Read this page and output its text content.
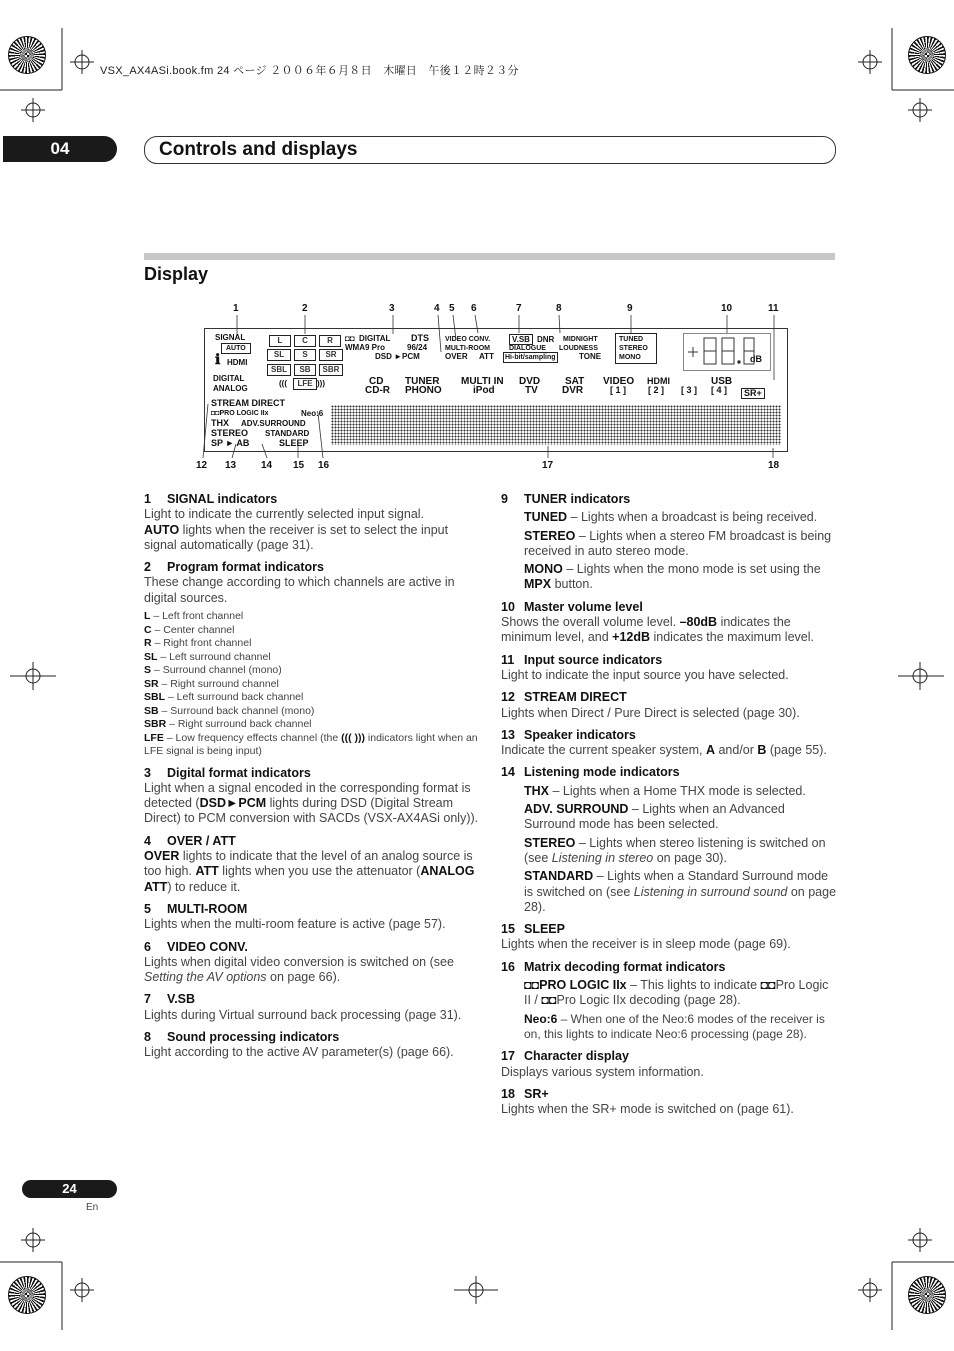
VSX_AX4ASi.book.fm 24 ページ ２００６年６月８日　木曜日　午後１２時２３分
04	Controls and displays
Display
1	2	3	4 5 6	7	8	9	10	11
12 13 14 15 16	17	18
SIGNAL
AUTO
ℹ HDMI
DIGITAL
ANALOG
L	C	R
SL	S	SR
SBL	SB	SBR
(((	LFE )))
◘◘ DIGITAL DTS
WMA9 Pro	96/24
DSD ►PCM
VIDEO CONV.	V.SB
MULTI-ROOM
OVER ATT
DNR MIDNIGHT
DIALOGUE LOUDNESS
Hi-bit/sampling	TONE
TUNED
STEREO
MONO	dB
CD TUNER MULTI IN DVD SAT VIDEO HDMI	USB
CD-R PHONO	iPod	TV DVR	[ 1 ] [ 2 ] [ 3 ] [ 4 ]	SR+
STREAM DIRECT
◘◘PRO LOGIC IIx	Neo:6
THX ADV.SURROUND
STEREO STANDARD
SP ► AB	SLEEP
1 SIGNAL indicators
Light to indicate the currently selected input signal.
AUTO lights when the receiver is set to select the input signal automatically (page 31).
2 Program format indicators
These change according to which channels are active in digital sources.
L – Left front channel
C – Center channel
R – Right front channel
SL – Left surround channel
S – Surround channel (mono)
SR – Right surround channel
SBL – Left surround back channel
SB – Surround back channel (mono)
SBR – Right surround back channel
LFE – Low frequency effects channel (the ((( ))) indicators light when an LFE signal is being input)
3 Digital format indicators
Light when a signal encoded in the corresponding format is detected (DSD►PCM lights during DSD (Digital Stream Direct) to PCM conversion with SACDs (VSX-AX4ASi only)).
4 OVER / ATT
OVER lights to indicate that the level of an analog source is too high. ATT lights when you use the attenuator (ANALOG ATT) to reduce it.
5 MULTI-ROOM
Lights when the multi-room feature is active (page 57).
6 VIDEO CONV.
Lights when digital video conversion is switched on (see Setting the AV options on page 66).
7 V.SB
Lights during Virtual surround back processing (page 31).
8 Sound processing indicators
Light according to the active AV parameter(s) (page 66).
9 TUNER indicators
TUNED – Lights when a broadcast is being received.
STEREO – Lights when a stereo FM broadcast is being received in auto stereo mode.
MONO – Lights when the mono mode is set using the MPX button.
10 Master volume level
Shows the overall volume level. –80dB indicates the minimum level, and +12dB indicates the maximum level.
11 Input source indicators
Light to indicate the input source you have selected.
12 STREAM DIRECT
Lights when Direct / Pure Direct is selected (page 30).
13 Speaker indicators
Indicate the current speaker system, A and/or B (page 55).
14 Listening mode indicators
THX – Lights when a Home THX mode is selected.
ADV. SURROUND – Lights when an Advanced Surround mode has been selected.
STEREO – Lights when stereo listening is switched on (see Listening in stereo on page 30).
STANDARD – Lights when a Standard Surround mode is switched on (see Listening in surround sound on page 28).
15 SLEEP
Lights when the receiver is in sleep mode (page 69).
16 Matrix decoding format indicators
◘◘PRO LOGIC IIx – This lights to indicate ◘◘Pro Logic II / ◘◘Pro Logic IIx decoding (page 28).
Neo:6 – When one of the Neo:6 modes of the receiver is on, this lights to indicate Neo:6 processing (page 28).
17 Character display
Displays various system information.
18 SR+
Lights when the SR+ mode is switched on (page 61).
24
En
